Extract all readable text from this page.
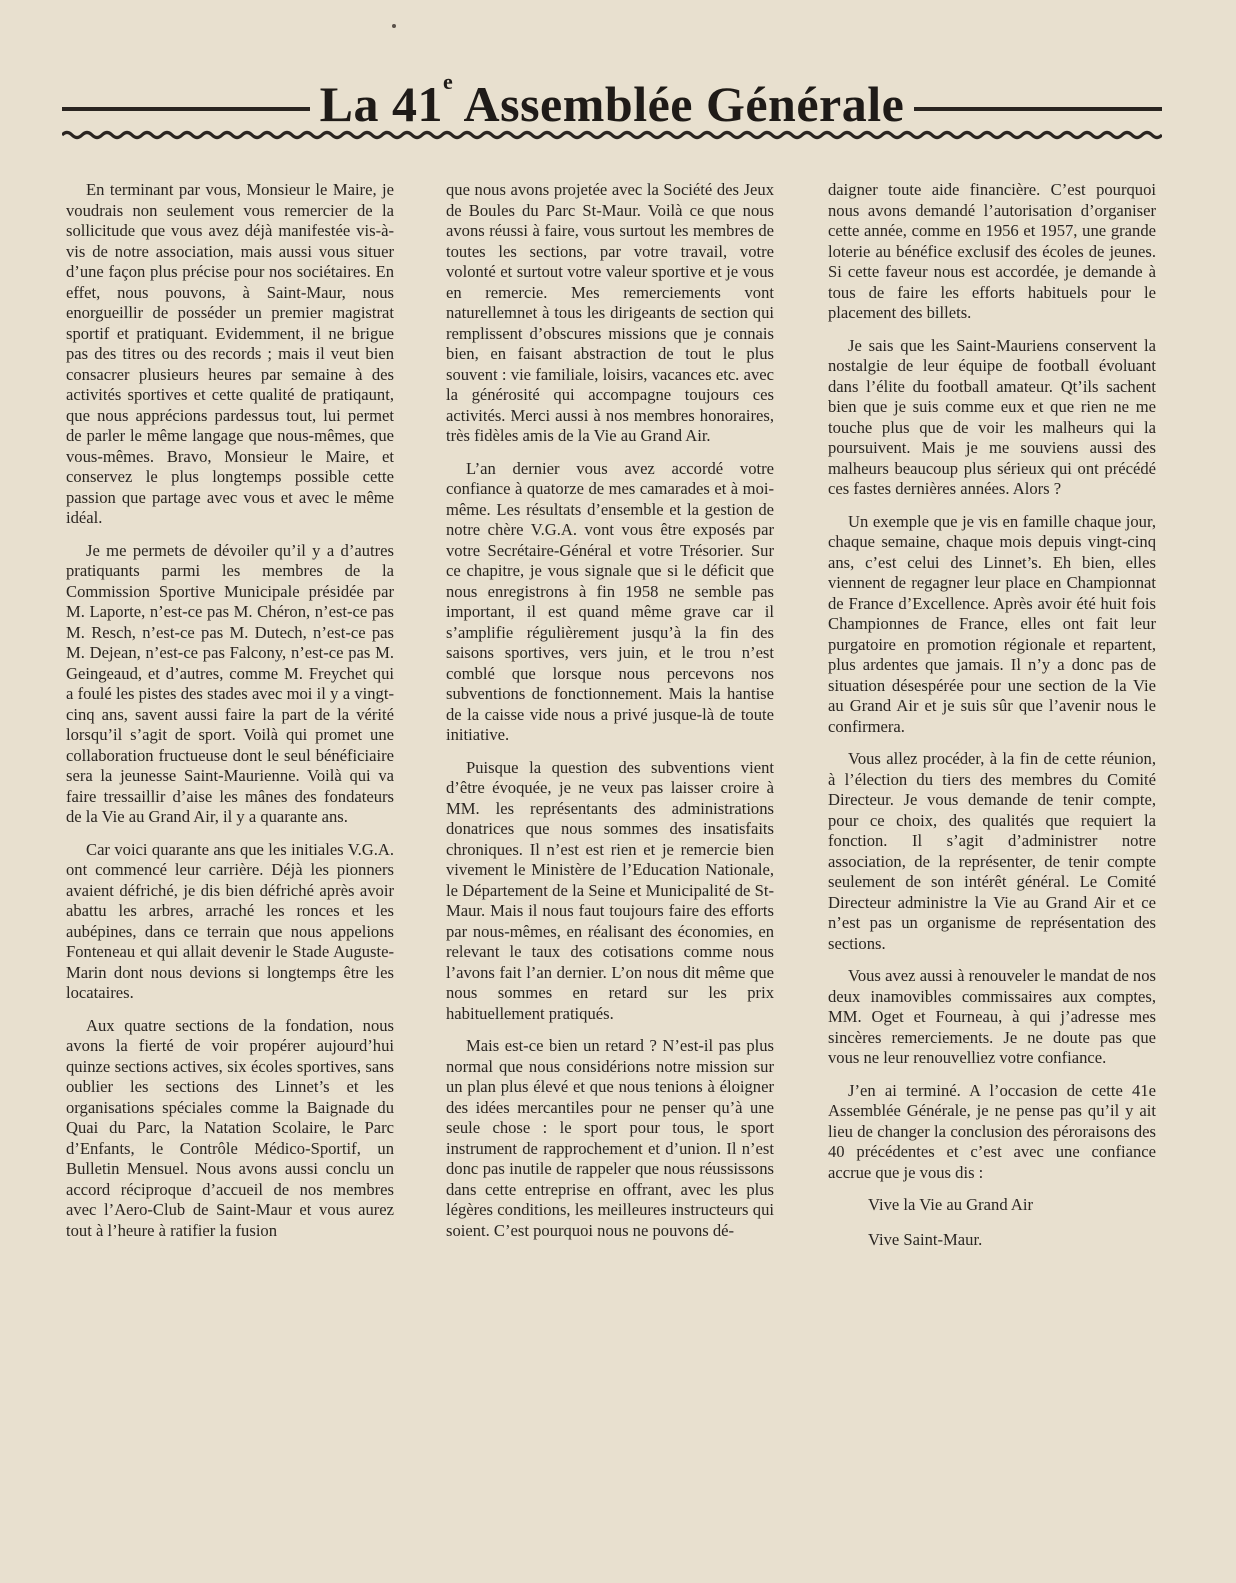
La 41e Assemblée Générale

En terminant par vous, Monsieur le Maire, je voudrais non seulement vous remercier de la sollicitude que vous avez déjà manifestée vis-à-vis de notre association, mais aussi vous situer d’une façon plus précise pour nos sociétaires. En effet, nous pouvons, à Saint-Maur, nous enorgueillir de posséder un premier magistrat sportif et pratiquant. Evidemment, il ne brigue pas des titres ou des records ; mais il veut bien consacrer plusieurs heures par semaine à des activités sportives et cette qualité de pratiqaunt, que nous apprécions pardessus tout, lui permet de parler le même langage que nous-mêmes, que vous-mêmes. Bravo, Monsieur le Maire, et conservez le plus longtemps possible cette passion que partage avec vous et avec le même idéal.

Je me permets de dévoiler qu’il y a d’autres pratiquants parmi les membres de la Commission Sportive Municipale présidée par M. Laporte, n’est-ce pas M. Chéron, n’est-ce pas M. Resch, n’est-ce pas M. Dutech, n’est-ce pas M. Dejean, n’est-ce pas Falcony, n’est-ce pas M. Geingeaud, et d’autres, comme M. Freychet qui a foulé les pistes des stades avec moi il y a vingt-cinq ans, savent aussi faire la part de la vérité lorsqu’il s’agit de sport. Voilà qui promet une collaboration fructueuse dont le seul bénéficiaire sera la jeunesse Saint-Maurienne. Voilà qui va faire tressaillir d’aise les mânes des fondateurs de la Vie au Grand Air, il y a quarante ans.

Car voici quarante ans que les initiales V.G.A. ont commencé leur carrière. Déjà les pionners avaient défriché, je dis bien défriché après avoir abattu les arbres, arraché les ronces et les aubépines, dans ce terrain que nous appelions Fonteneau et qui allait devenir le Stade Auguste-Marin dont nous devions si longtemps être les locataires.

Aux quatre sections de la fondation, nous avons la fierté de voir propérer aujourd’hui quinze sections actives, six écoles sportives, sans oublier les sections des Linnet’s et les organisations spéciales comme la Baignade du Quai du Parc, la Natation Scolaire, le Parc d’Enfants, le Contrôle Médico-Sportif, un Bulletin Mensuel. Nous avons aussi conclu un accord réciproque d’accueil de nos membres avec l’Aero-Club de Saint-Maur et vous aurez tout à l’heure à ratifier la fusion

que nous avons projetée avec la Société des Jeux de Boules du Parc St-Maur. Voilà ce que nous avons réussi à faire, vous surtout les membres de toutes les sections, par votre travail, votre volonté et surtout votre valeur sportive et je vous en remercie. Mes remerciements vont naturellemnet à tous les dirigeants de section qui remplissent d’obscures missions que je connais bien, en faisant abstraction de tout le plus souvent : vie familiale, loisirs, vacances etc. avec la générosité qui accompagne toujours ces activités. Merci aussi à nos membres honoraires, très fidèles amis de la Vie au Grand Air.

L’an dernier vous avez accordé votre confiance à quatorze de mes camarades et à moi-même. Les résultats d’ensemble et la gestion de notre chère V.G.A. vont vous être exposés par votre Secrétaire-Général et votre Trésorier. Sur ce chapitre, je vous signale que si le déficit que nous enregistrons à fin 1958 ne semble pas important, il est quand même grave car il s’amplifie régulièrement jusqu’à la fin des saisons sportives, vers juin, et le trou n’est comblé que lorsque nous percevons nos subventions de fonctionnement. Mais la hantise de la caisse vide nous a privé jusque-là de toute initiative.

Puisque la question des subventions vient d’être évoquée, je ne veux pas laisser croire à MM. les représentants des administrations donatrices que nous sommes des insatisfaits chroniques. Il n’est est rien et je remercie bien vivement le Ministère de l’Education Nationale, le Département de la Seine et Municipalité de St-Maur. Mais il nous faut toujours faire des efforts par nous-mêmes, en réalisant des économies, en relevant le taux des cotisations comme nous l’avons fait l’an dernier. L’on nous dit même que nous sommes en retard sur les prix habituellement pratiqués.

Mais est-ce bien un retard ? N’est-il pas plus normal que nous considérions notre mission sur un plan plus élevé et que nous tenions à éloigner des idées mercantiles pour ne penser qu’à une seule chose : le sport pour tous, le sport instrument de rapprochement et d’union. Il n’est donc pas inutile de rappeler que nous réussissons dans cette entreprise en offrant, avec les plus légères conditions, les meilleures instructeurs qui soient. C’est pourquoi nous ne pouvons dé-

daigner toute aide financière. C’est pourquoi nous avons demandé l’autorisation d’organiser cette année, comme en 1956 et 1957, une grande loterie au bénéfice exclusif des écoles de jeunes. Si cette faveur nous est accordée, je demande à tous de faire les efforts habituels pour le placement des billets.

Je sais que les Saint-Mauriens conservent la nostalgie de leur équipe de football évoluant dans l’élite du football amateur. Qt’ils sachent bien que je suis comme eux et que rien ne me touche plus que de voir les malheurs qui la poursuivent. Mais je me souviens aussi des malheurs beaucoup plus sérieux qui ont précédé ces fastes dernières années. Alors ?

Un exemple que je vis en famille chaque jour, chaque semaine, chaque mois depuis vingt-cinq ans, c’est celui des Linnet’s. Eh bien, elles viennent de regagner leur place en Championnat de France d’Excellence. Après avoir été huit fois Championnes de France, elles ont fait leur purgatoire en promotion régionale et repartent, plus ardentes que jamais. Il n’y a donc pas de situation désespérée pour une section de la Vie au Grand Air et je suis sûr que l’avenir nous le confirmera.

Vous allez procéder, à la fin de cette réunion, à l’élection du tiers des membres du Comité Directeur. Je vous demande de tenir compte, pour ce choix, des qualités que requiert la fonction. Il s’agit d’administrer notre association, de la représenter, de tenir compte seulement de son intérêt général. Le Comité Directeur administre la Vie au Grand Air et ce n’est pas un organisme de représentation des sections.

Vous avez aussi à renouveler le mandat de nos deux inamovibles commissaires aux comptes, MM. Oget et Fourneau, à qui j’adresse mes sincères remerciements. Je ne doute pas que vous ne leur renouvelliez votre confiance.

J’en ai terminé. A l’occasion de cette 41e Assemblée Générale, je ne pense pas qu’il y ait lieu de changer la conclusion des péroraisons des 40 précédentes et c’est avec une confiance accrue que je vous dis :

Vive la Vie au Grand Air

Vive Saint-Maur.
